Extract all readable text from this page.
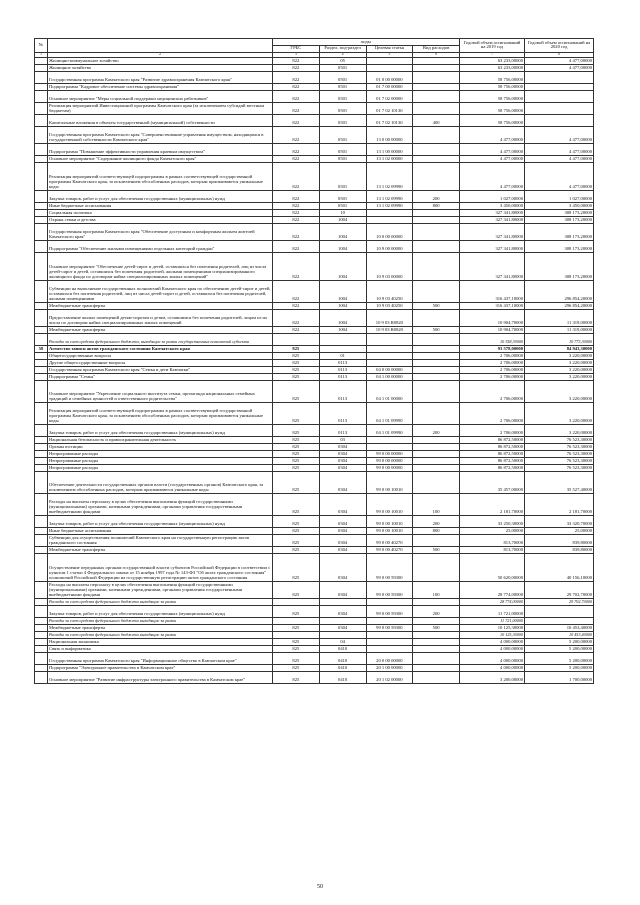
№		коды				Годовой объем ассигнований на 2019 год	Годовой объем ассигнований на 2020 год
		ГРБС	Раздел, под-раздел	Целевая статья	Вид расходов		
1	2	3	4	5	6	7	8
	Жилищно-коммунальное хозяйство	822	05			63 233,00000	4 477,00000
	Жилищное хозяйство	822	0501			63 233,00000	4 477,00000
	Государственная программа Камчатского края "Развитие здравоохранения Камчатского края"	822	0501	01 0 00 00000		58 756,00000	
	Подпрограмма "Кадровое обеспечение системы здравоохранения"	822	0501	01 7 00 00000		58 756,00000	
	Основное мероприятие "Меры социальной поддержки медицинских работников"	822	0501	01 7 02 00000		58 756,00000	
	Реализация мероприятий Инвестиционной программы Камчатского края (за исключением субсидий местным бюджетам)	822	0501	01 7 02 10130		58 756,00000	
	Капитальные вложения в объекты государственной (муниципальной) собственности	822	0501	01 7 02 10130	400	58 756,00000	
	Государственная программа Камчатского края "Совершенствование управления имуществом, находящимся в государственной собственности Камчатского края"	822	0501	13 0 00 00000		4 477,00000	4 477,00000
	Подпрограмма "Повышение эффективности управления краевым имуществом"	822	0501	13 1 00 00000		4 477,00000	4 477,00000
	Основное мероприятие "Содержание жилищного фонда Камчатского края"	822	0501	13 1 02 00000		4 477,00000	4 477,00000
	Реализация мероприятий соответствующей подпрограммы в рамках соответствующей государственной программы Камчатского края, за исключением обособленных расходов, которым присваиваются уникальные коды	822	0501	13 1 02 09990		4 477,00000	4 477,00000
	Закупка товаров, работ и услуг для обеспечения государственных (муниципальных) нужд	822	0501	13 1 02 09990	200	1 027,00000	1 027,00000
	Иные бюджетные ассигнования	822	0501	13 1 02 09990	800	3 450,00000	3 450,00000
	Социальная политика	822	10			327 341,80000	308 173,20000
	Охрана семьи и детства	822	1004			327 341,80000	308 173,20000
	Государственная программа Камчатского края "Обеспечение доступным и комфортным жильем жителей Камчатского края"	822	1004	10 0 00 00000		327 341,80000	308 173,20000
	Подпрограмма "Обеспечение жилыми помещениями отдельных категорий граждан"	822	1004	10 9 00 00000		327 341,80000	308 173,20000
	Основное мероприятие "Обеспечение детей-сирот и детей, оставшихся без попечения родителей, лиц из числа детей-сирот и детей, оставшихся без попечения родителей, жилыми помещениями специализированного жилищного фонда по договорам найма специализированных жилых помещений"	822	1004	10 9 03 00000		327 341,80000	308 173,20000
	Субвенции на выполнение государственных полномочий Камчатского края по обеспечению детей-сирот и детей, оставшихся без попечения родителей, лиц из числа детей-сирот и детей, оставшихся без попечения родителей, жилыми помещениями	822	1004	10 9 03 40250		316 437,10000	296 854,20000
	Межбюджетные трансферты	822	1004	10 9 03 40250	500	316 437,10000	296 854,20000
	Предоставление жилых помещений детям-сиротам и детям, оставшимся без попечения родителей, лицам из их числа по договорам найма специализированных жилых помещений	822	1004	10 9 03 R0820		10 904,70000	11 319,00000
	Межбюджетные трансферты	822	1004	10 9 03 R0820	500	10 904,70000	11 319,00000
	Расходы за счет средств федерального бюджета, выходящие за рамки государственных полномочий субъекта					10 358,30000	10 773,30000
58	Агентство записи актов гражданского состояния Камчатского края	825				93 578,00000	84 943,30000
	Общегосударственные вопросы	825	01			2 706,00000	3 220,00000
	Другие общегосударственные вопросы	825	0113			2 706,00000	3 220,00000
	Государственная программа Камчатского края "Семья и дети Камчатки"	825	0113	04 0 00 00000		2 706,00000	3 220,00000
	Подпрограмма "Семья"	825	0113	04 1 00 00000		2 706,00000	3 220,00000
	Основное мероприятие "Укрепление социального института семьи, пропаганда национальных семейных традиций и семейных ценностей и ответственного родительства"	825	0113	04 1 01 00000		2 706,00000	3 220,00000
	Реализация мероприятий соответствующей подпрограммы в рамках соответствующей государственной программы Камчатского края, за исключением обособленных расходов, которым присваиваются уникальные коды	825	0113	04 1 01 09990		2 706,00000	3 220,00000
	Закупка товаров, работ и услуг для обеспечения государственных (муниципальных) нужд	825	0113	04 1 01 09990	200	2 706,00000	3 220,00000
	Национальная безопасность и правоохранительная деятельность	825	03			86 872,50000	76 523,30000
	Органы юстиции	825	0304			86 872,50000	76 523,30000
	Непрограммные расходы	825	0304	99 0 00 00000		86 872,50000	76 523,30000
	Непрограммные расходы	825	0304	99 0 00 00000		86 872,50000	76 523,30000
	Непрограммные расходы	825	0304	99 0 00 00000		86 872,50000	76 523,30000
	Обеспечение деятельности государственных органов власти (государственных органов) Камчатского края, за исключением обособленных расходов, которым присваиваются уникальные коды	825	0304	99 0 00 10010		35 457,00000	35 527,40000
	Расходы на выплаты персоналу в целях обеспечения выполнения функций государственными (муниципальными) органами, казенными учреждениями, органами управления государственными внебюджетными фондами	825	0304	99 0 00 10010	100	2 181,70000	2 181,70000
	Закупка товаров, работ и услуг для обеспечения государственных (муниципальных) нужд	825	0304	99 0 00 10010	200	33 250,30000	33 320,70000
	Иные бюджетные ассигнования	825	0304	99 0 00 10010	800	25,00000	25,00000
	Субвенции для осуществления полномочий Камчатского края на государственную регистрацию актов гражданского состояния	825	0304	99 0 00 40270		813,70000	839,80000
	Межбюджетные трансферты	825	0304	99 0 00 40270	500	813,70000	839,80000
	Осуществление переданных органам государственной власти субъектов Российской Федерации в соответствии с пунктом 1 статьи 4 Федерального закона от 15 ноября 1997 года № 143-ФЗ "Об актах гражданского состояния" полномочий Российской Федерации на государственную регистрацию актов гражданского состояния	825	0304	99 0 00 59300		50 620,00000	40 156,10000
	Расходы на выплаты персоналу в целях обеспечения выполнения функций государственными (муниципальными) органами, казенными учреждениями, органами управления государственными внебюджетными фондами	825	0304	99 0 00 59300	100	28 774,00000	29 702,70000
	Расходы за счет средств федерального бюджета выходящие за рамки					28 774,00000	29 702,70000
	Закупка товаров, работ и услуг для обеспечения государственных (муниципальных) нужд	825	0304	99 0 00 59300	200	11 721,00000	
	Расходы за счет средств федерального бюджета выходящие за рамки					11 721,00000	
	Межбюджетные трансферты	825	0304	99 0 00 59300	500	10 125,30000	10 453,40000
	Расходы за счет средств федерального бюджета выходящие за рамки					10 125,30000	10 453,40000
	Национальная экономика	825	04			4 000,00000	5 200,00000
	Связь и информатика	825	0410			4 000,00000	5 200,00000
	Государственная программа Камчатского края "Информационное общество в Камчатском крае"	825	0410	20 0 00 00000		4 000,00000	5 200,00000
	Подпрограмма "Электронное правительство в Камчатском крае"	825	0410	20 1 00 00000		4 000,00000	5 200,00000
	Основное мероприятие "Развитие инфраструктуры электронного правительства в Камчатском крае"	825	0410	20 1 02 00000		3 200,00000	1 700,00000
50
